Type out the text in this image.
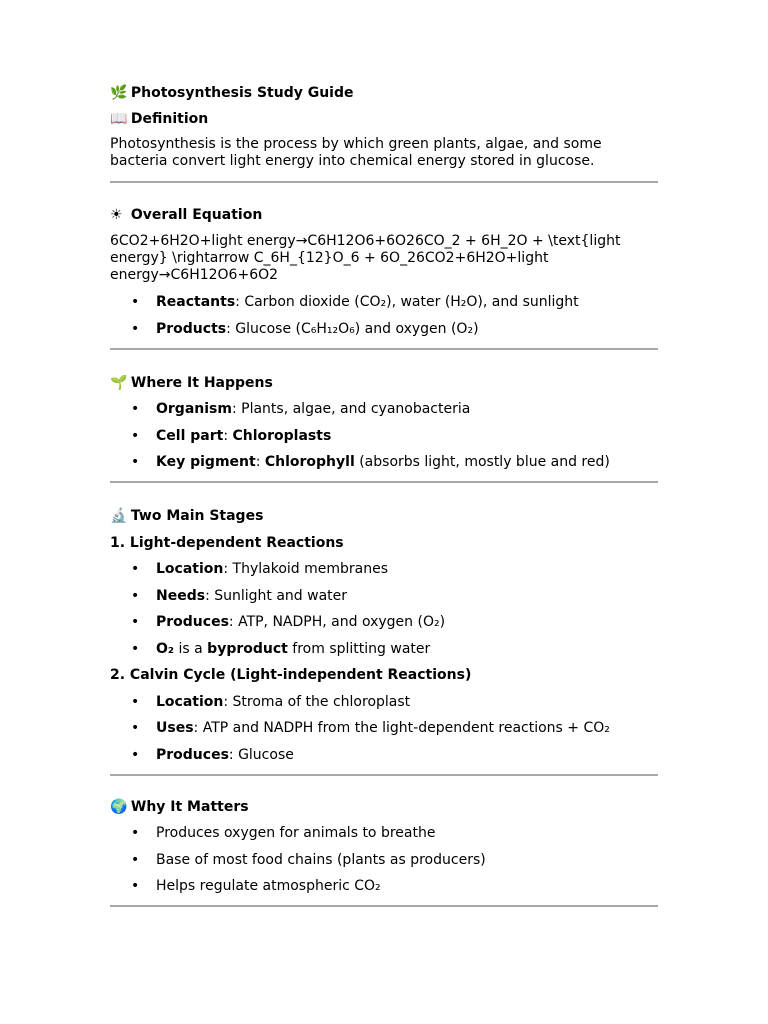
🌿 Photosynthesis Study Guide

📖 Definition

Photosynthesis is the process by which green plants, algae, and some bacteria convert light energy into chemical energy stored in glucose.

☀ Overall Equation

6CO2+6H2O+light energy→C6H12O6+6O26CO_2 + 6H_2O + \text{light energy} \rightarrow C_6H_{12}O_6 + 6O_26CO2+6H2O+light energy→C6H12O6+6O2

• Reactants: Carbon dioxide (CO₂), water (H₂O), and sunlight
• Products: Glucose (C₆H₁₂O₆) and oxygen (O₂)

🌱 Where It Happens

• Organism: Plants, algae, and cyanobacteria
• Cell part: Chloroplasts
• Key pigment: Chlorophyll (absorbs light, mostly blue and red)

🔬 Two Main Stages

1. Light-dependent Reactions

• Location: Thylakoid membranes
• Needs: Sunlight and water
• Produces: ATP, NADPH, and oxygen (O₂)
• O₂ is a byproduct from splitting water

2. Calvin Cycle (Light-independent Reactions)

• Location: Stroma of the chloroplast
• Uses: ATP and NADPH from the light-dependent reactions + CO₂
• Produces: Glucose

🌍 Why It Matters

• Produces oxygen for animals to breathe
• Base of most food chains (plants as producers)
• Helps regulate atmospheric CO₂
